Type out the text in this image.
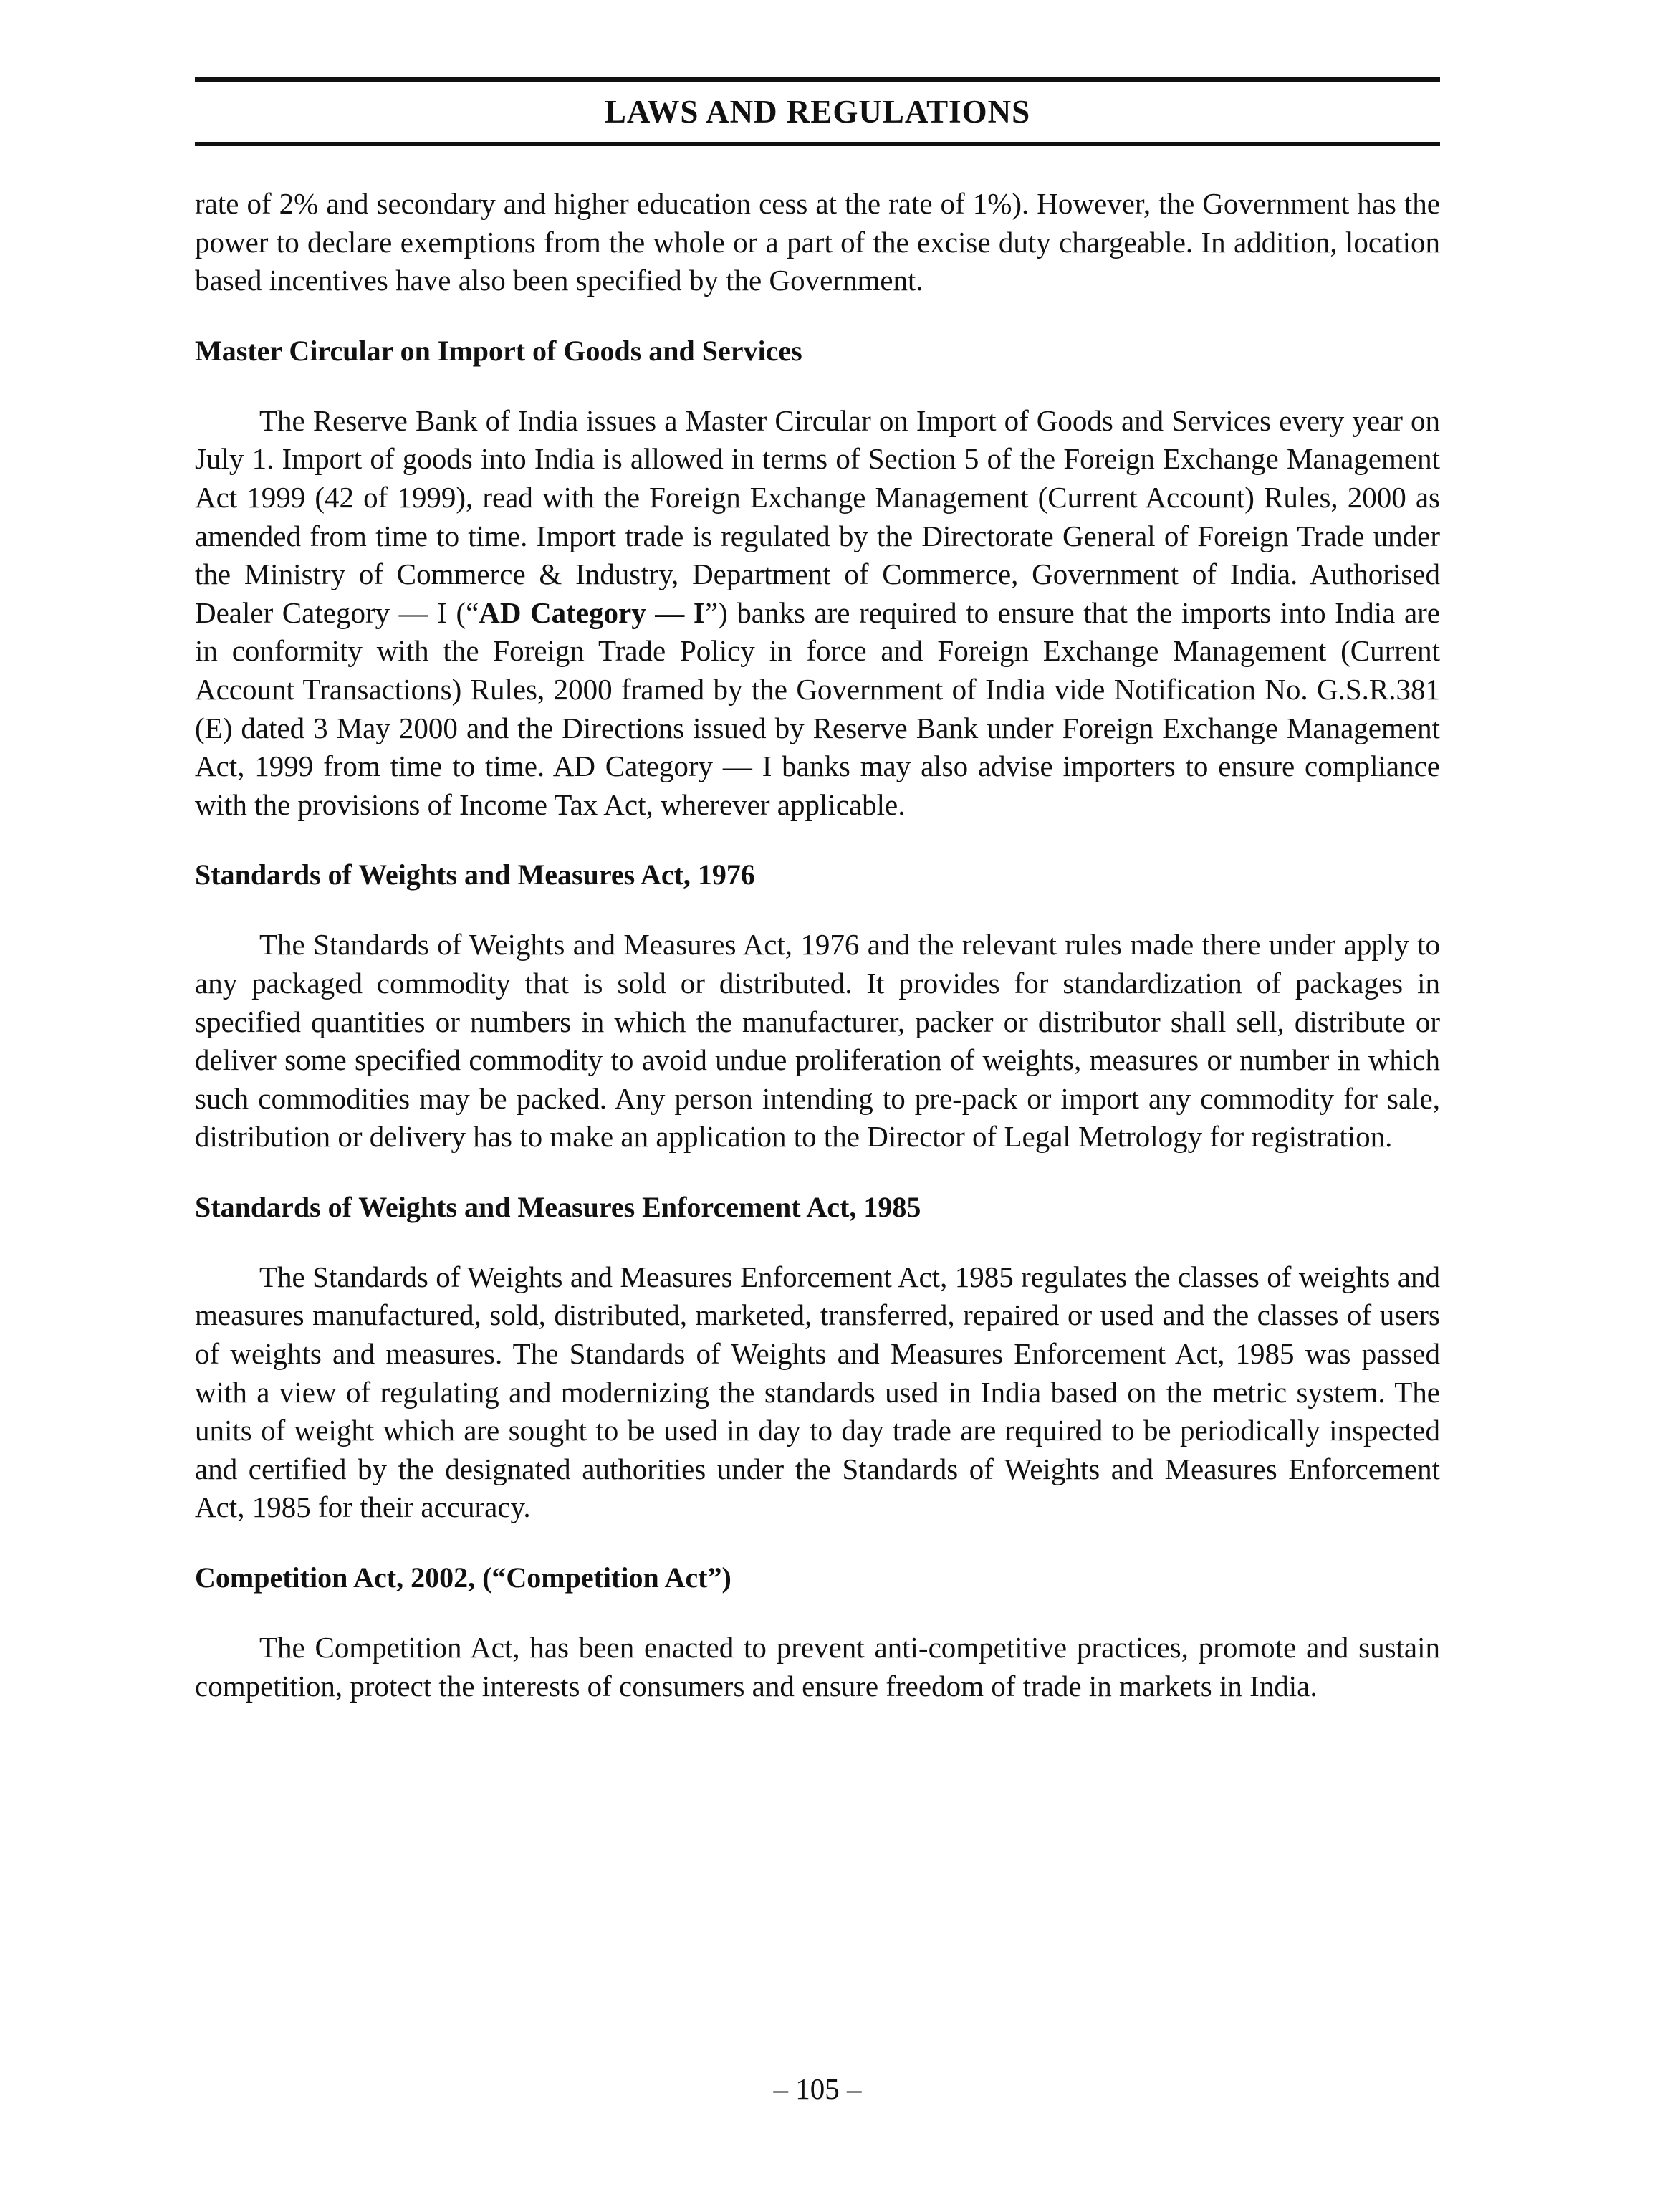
LAWS AND REGULATIONS

rate of 2% and secondary and higher education cess at the rate of 1%). However, the Government has the power to declare exemptions from the whole or a part of the excise duty chargeable. In addition, location based incentives have also been specified by the Government.

Master Circular on Import of Goods and Services

The Reserve Bank of India issues a Master Circular on Import of Goods and Services every year on July 1. Import of goods into India is allowed in terms of Section 5 of the Foreign Exchange Management Act 1999 (42 of 1999), read with the Foreign Exchange Management (Current Account) Rules, 2000 as amended from time to time. Import trade is regulated by the Directorate General of Foreign Trade under the Ministry of Commerce & Industry, Department of Commerce, Government of India. Authorised Dealer Category — I (“AD Category — I”) banks are required to ensure that the imports into India are in conformity with the Foreign Trade Policy in force and Foreign Exchange Management (Current Account Transactions) Rules, 2000 framed by the Government of India vide Notification No. G.S.R.381 (E) dated 3 May 2000 and the Directions issued by Reserve Bank under Foreign Exchange Management Act, 1999 from time to time. AD Category — I banks may also advise importers to ensure compliance with the provisions of Income Tax Act, wherever applicable.

Standards of Weights and Measures Act, 1976

The Standards of Weights and Measures Act, 1976 and the relevant rules made there under apply to any packaged commodity that is sold or distributed. It provides for standardization of packages in specified quantities or numbers in which the manufacturer, packer or distributor shall sell, distribute or deliver some specified commodity to avoid undue proliferation of weights, measures or number in which such commodities may be packed. Any person intending to pre-pack or import any commodity for sale, distribution or delivery has to make an application to the Director of Legal Metrology for registration.

Standards of Weights and Measures Enforcement Act, 1985

The Standards of Weights and Measures Enforcement Act, 1985 regulates the classes of weights and measures manufactured, sold, distributed, marketed, transferred, repaired or used and the classes of users of weights and measures. The Standards of Weights and Measures Enforcement Act, 1985 was passed with a view of regulating and modernizing the standards used in India based on the metric system. The units of weight which are sought to be used in day to day trade are required to be periodically inspected and certified by the designated authorities under the Standards of Weights and Measures Enforcement Act, 1985 for their accuracy.

Competition Act, 2002, (“Competition Act”)

The Competition Act, has been enacted to prevent anti-competitive practices, promote and sustain competition, protect the interests of consumers and ensure freedom of trade in markets in India.

– 105 –
